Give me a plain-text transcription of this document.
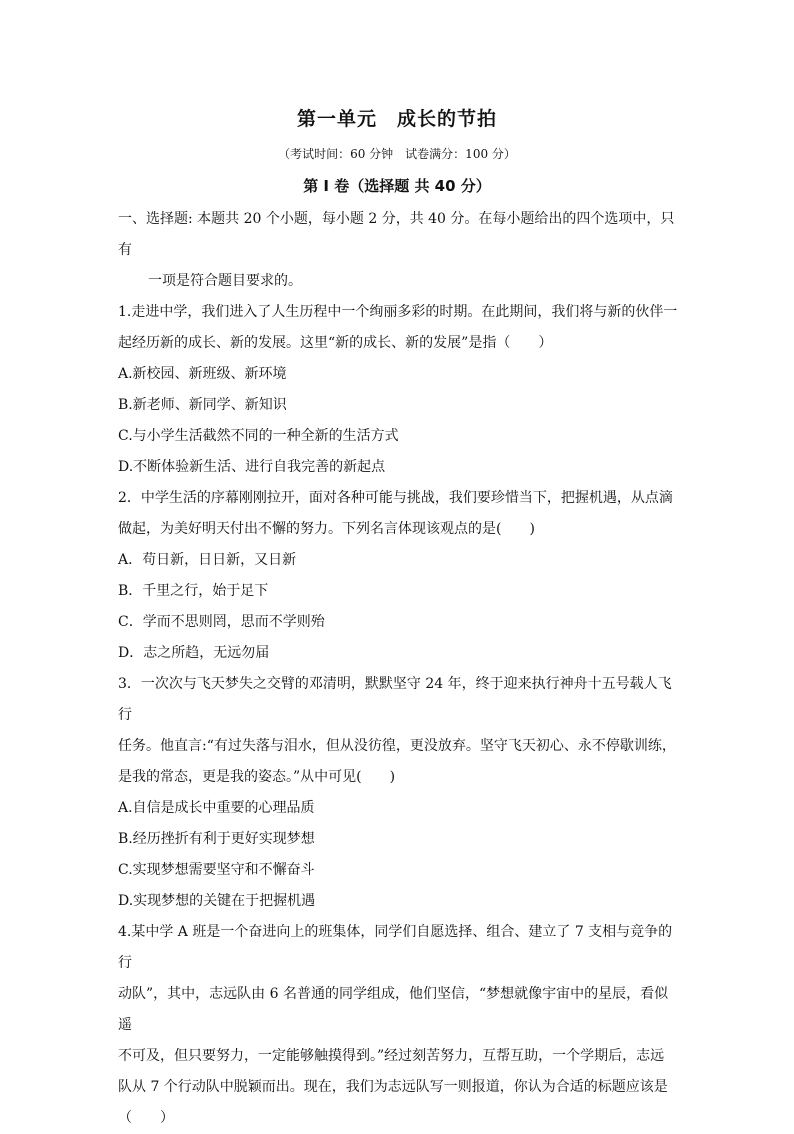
第一单元　成长的节拍
（考试时间：60 分钟　试卷满分：100 分）
第 I 卷（选择题 共 40 分）

一、选择题: 本题共 20 个小题，每小题 2 分，共 40 分。在每小题给出的四个选项中，只有
一项是符合题目要求的。

1.走进中学，我们进入了人生历程中一个绚丽多彩的时期。在此期间，我们将与新的伙伴一

起经历新的成长、新的发展。这里“新的成长、新的发展”是指（　　）

A.新校园、新班级、新环境

B.新老师、新同学、新知识

C.与小学生活截然不同的一种全新的生活方式

D.不断体验新生活、进行自我完善的新起点

2．中学生活的序幕刚刚拉开，面对各种可能与挑战，我们要珍惜当下，把握机遇，从点滴

做起，为美好明天付出不懈的努力。下列名言体现该观点的是(　　)

A．苟日新，日日新，又日新

B．千里之行，始于足下

C．学而不思则罔，思而不学则殆

D．志之所趋，无远勿届

3．一次次与飞天梦失之交臂的邓清明，默默坚守 24 年，终于迎来执行神舟十五号载人飞行

任务。他直言:“有过失落与泪水，但从没彷徨，更没放弃。坚守飞天初心、永不停歇训练，

是我的常态，更是我的姿态。”从中可见(　　)

A.自信是成长中重要的心理品质

B.经历挫折有利于更好实现梦想

C.实现梦想需要坚守和不懈奋斗

D.实现梦想的关键在于把握机遇

4.某中学 A 班是一个奋进向上的班集体，同学们自愿选择、组合、建立了 7 支相与竞争的行

动队”，其中，志远队由 6 名普通的同学组成，他们坚信，“梦想就像宇宙中的星辰，看似遥

不可及，但只要努力，一定能够触摸得到。”经过刻苦努力，互帮互助，一个学期后，志远

队从 7 个行动队中脱颖而出。现在，我们为志远队写一则报道，你认为合适的标题应该是

（　　）
